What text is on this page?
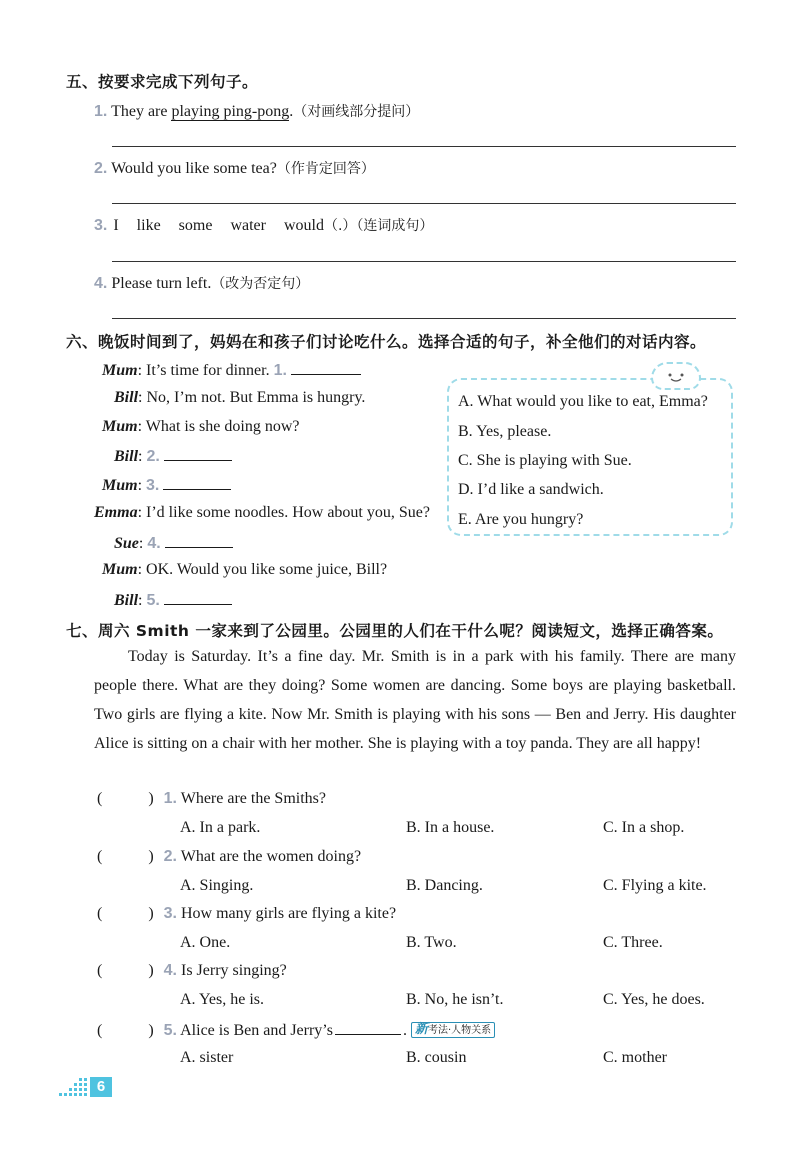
五、按要求完成下列句子。
1. They are playing ping-pong.（对画线部分提问）
2. Would you like some tea?（作肯定回答）
3. I like some water would（.）（连词成句）
4. Please turn left.（改为否定句）
六、晚饭时间到了，妈妈在和孩子们讨论吃什么。选择合适的句子，补全他们的对话内容。
Mum: It’s time for dinner. 1.
Bill: No, I’m not. But Emma is hungry.
Mum: What is she doing now?
Bill: 2.
Mum: 3.
Emma: I’d like some noodles. How about you, Sue?
Sue: 4.
Mum: OK. Would you like some juice, Bill?
Bill: 5.
A. What would you like to eat, Emma?
B. Yes, please.
C. She is playing with Sue.
D. I’d like a sandwich.
E. Are you hungry?
七、周六 Smith 一家来到了公园里。公园里的人们在干什么呢？阅读短文，选择正确答案。
Today is Saturday. It’s a fine day. Mr. Smith is in a park with his family. There are many people there. What are they doing? Some women are dancing. Some boys are playing basketball. Two girls are flying a kite. Now Mr. Smith is playing with his sons — Ben and Jerry. His daughter Alice is sitting on a chair with her mother. She is playing with a toy panda. They are all happy!
(	) 1. Where are the Smiths?
A. In a park.	B. In a house.	C. In a shop.
(	) 2. What are the women doing?
A. Singing.	B. Dancing.	C. Flying a kite.
(	) 3. How many girls are flying a kite?
A. One.	B. Two.	C. Three.
(	) 4. Is Jerry singing?
A. Yes, he is.	B. No, he isn’t.	C. Yes, he does.
(	) 5. Alice is Ben and Jerry’s	. 新考法·人物关系
A. sister	B. cousin	C. mother
6
